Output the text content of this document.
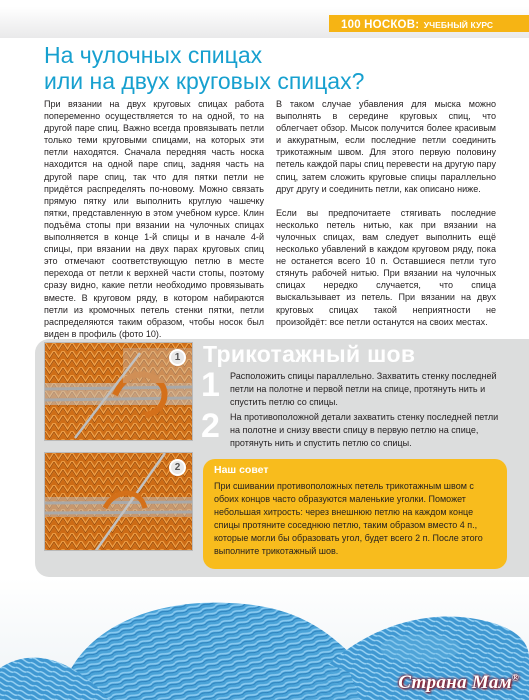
100 НОСКОВ: УЧЕБНЫЙ КУРС
На чулочных спицах
или на двух круговых спицах?

При вязании на двух круговых спицах работа попеременно осуществляется то на одной, то на другой паре спиц. Важно всегда провязывать петли только теми круговыми спицами, на которых эти петли находятся. Сначала передняя часть носка находится на одной паре спиц, задняя часть на другой паре спиц, так что для пятки петли не придётся распределять по-новому. Можно связать прямую пятку или выполнить круглую чашечку пятки, представленную в этом учебном курсе. Клин подъёма стопы при вязании на чулочных спицах выполняется в конце 1-й спицы и в начале 4-й спицы, при вязании на двух парах круговых спиц это отмечают соответствующую петлю в месте перехода от петли к верхней части стопы, поэтому сразу видно, какие петли необходимо провязывать вместе. В круговом ряду, в котором набираются петли из кромочных петель стенки пятки, петли распределяются таким образом, чтобы носок был виден в профиль (фото 10).

В таком случае убавления для мыска можно выполнять в середине круговых спиц, что облегчает обзор. Мысок получится более красивым и аккуратным, если последние петли соединить трикотажным швом. Для этого первую половину петель каждой пары спиц перевести на другую пару спиц, затем сложить круговые спицы параллельно друг другу и соединить петли, как описано ниже.

Если вы предпочитаете стягивать последние несколько петель нитью, как при вязании на чулочных спицах, вам следует выполнить ещё несколько убавлений в каждом круговом ряду, пока не останется всего 10 п. Оставшиеся петли туго стянуть рабочей нитью. При вязании на чулочных спицах нередко случается, что спица выскальзывает из петель. При вязании на двух круговых спицах такой неприятности не произойдёт: все петли останутся на своих местах.

1
2
Трикотажный шов
1 Расположить спицы параллельно. Захватить стенку последней петли на полотне и первой петли на спице, протянуть нить и спустить петлю со спицы.
2 На противоположной детали захватить стенку последней петли на полотне и снизу ввести спицу в первую петлю на спице, протянуть нить и спустить петлю со спицы.
Наш совет
При сшивании противоположных петель трикотажным швом с обоих концов часто образуются маленькие уголки. Поможет небольшая хитрость: через внешнюю петлю на каждом конце спицы протяните соседнюю петлю, таким образом вместо 4 п., которые могли бы образовать угол, будет всего 2 п. После этого выполните трикотажный шов.
Страна Мам®
